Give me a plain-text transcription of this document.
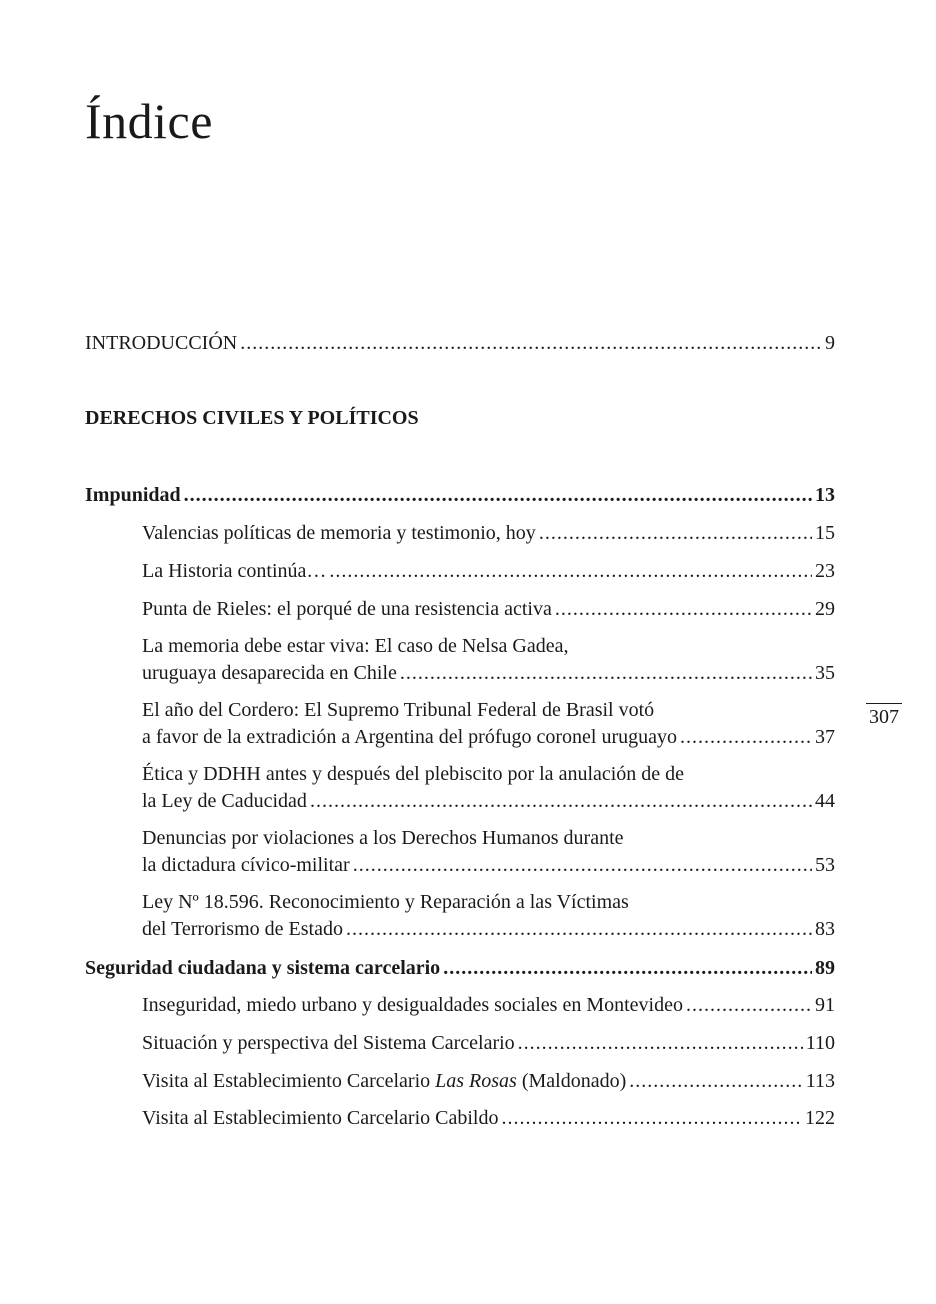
Índice
307
INTRODUCCIÓN .....	9
DERECHOS CIVILES Y POLÍTICOS
Impunidad .....	13
Valencias políticas de memoria y testimonio, hoy .....	15
La Historia continúa… .....	23
Punta de Rieles: el porqué de una resistencia activa .....	29
La memoria debe estar viva: El caso de Nelsa Gadea,
uruguaya desaparecida en Chile .....	35
El año del Cordero: El Supremo Tribunal Federal de Brasil votó
a favor de la extradición a Argentina del prófugo coronel uruguayo .....	37
Ética y DDHH antes y después del plebiscito por la anulación de de
la Ley de Caducidad .....	44
Denuncias por violaciones a los Derechos Humanos durante
la dictadura cívico-militar .....	53
Ley Nº 18.596. Reconocimiento y Reparación a las Víctimas
del Terrorismo de Estado .....	83
Seguridad ciudadana y sistema carcelario .....	89
Inseguridad, miedo urbano y desigualdades sociales en Montevideo .....	91
Situación y perspectiva del Sistema Carcelario .....	110
Visita al Establecimiento Carcelario Las Rosas (Maldonado) .....	113
Visita al Establecimiento Carcelario Cabildo .....	122
